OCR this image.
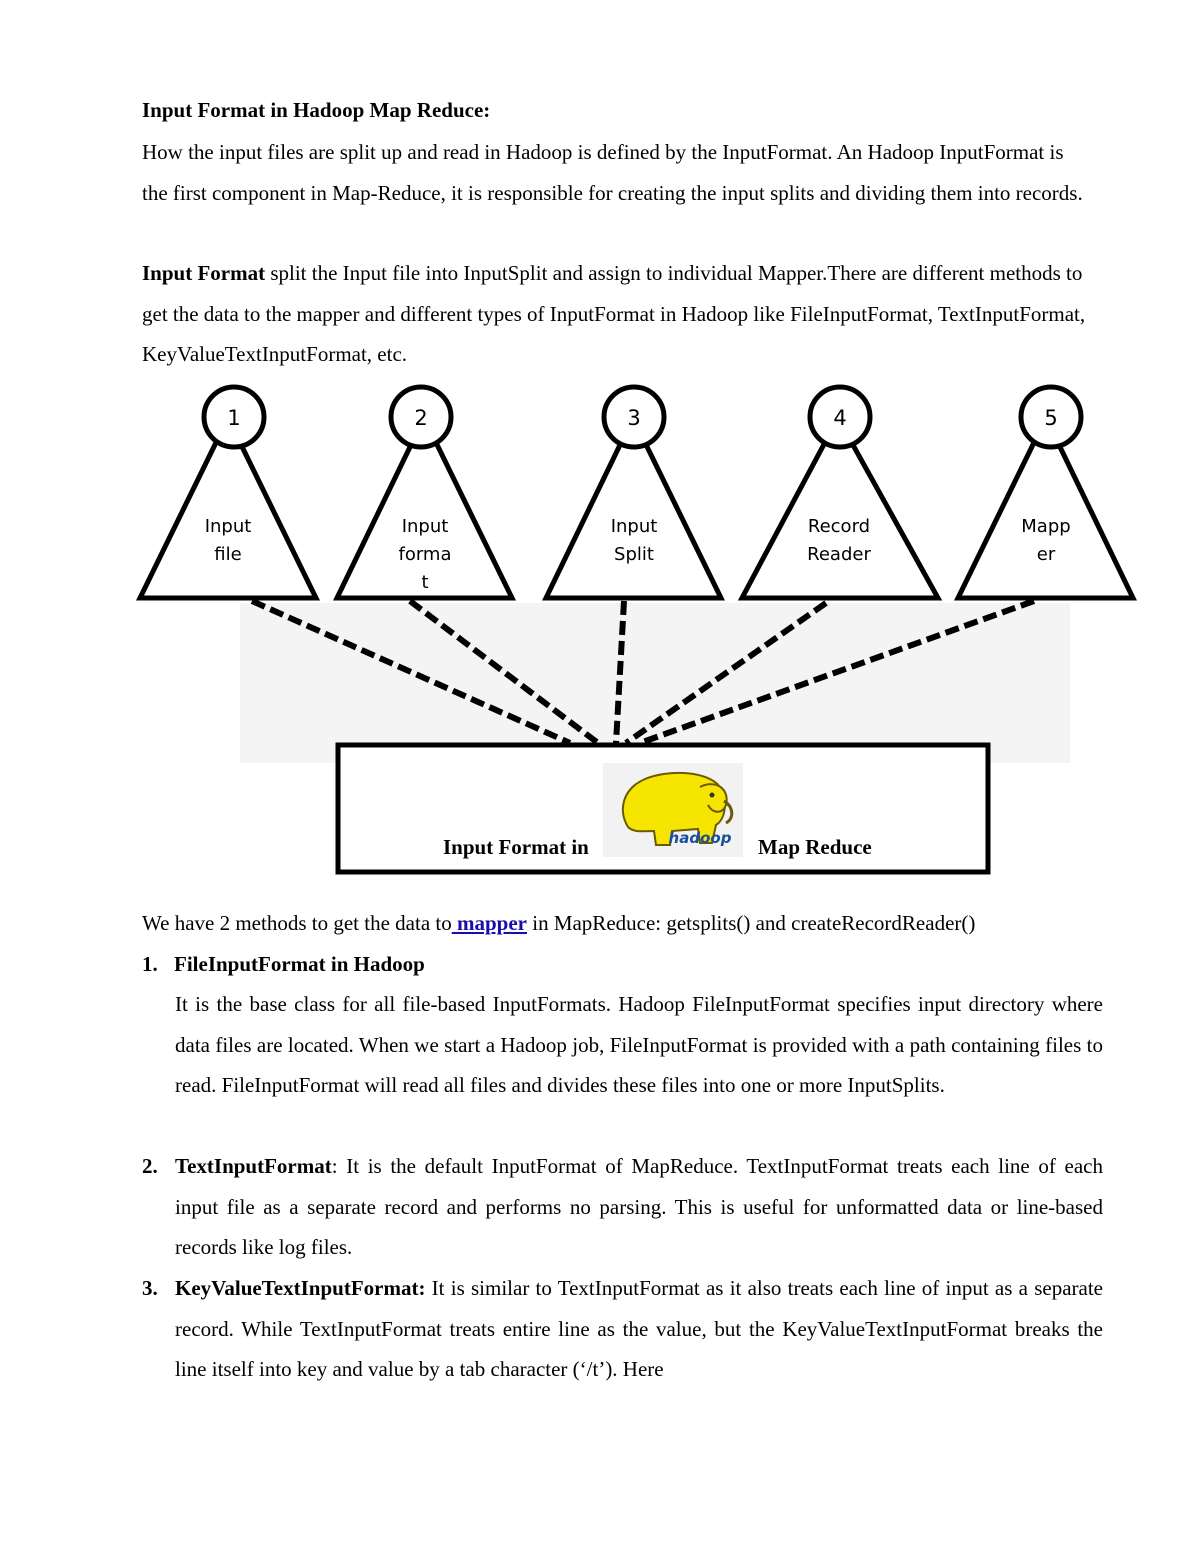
Input Format in Hadoop Map Reduce:
How the input files are split up and read in Hadoop is defined by the InputFormat. An Hadoop InputFormat is the first component in Map-Reduce, it is responsible for creating the input splits and dividing them into records.
Input Format split the Input file into InputSplit and assign to individual Mapper.There are different methods to get the data to the mapper and different types of InputFormat in Hadoop like FileInputFormat, TextInputFormat, KeyValueTextInputFormat, etc.
1
Input
file
2
Input
forma
t
3
Input
Split
4
Record
Reader
5
Mapp
er
hadoop
Input Format in	Map Reduce
We have 2 methods to get the data to mapper in MapReduce: getsplits() and createRecordReader()
1. FileInputFormat in Hadoop
It is the base class for all file-based InputFormats. Hadoop FileInputFormat specifies input directory where data files are located. When we start a Hadoop job, FileInputFormat is provided with a path containing files to read. FileInputFormat will read all files and divides these files into one or more InputSplits.
2. TextInputFormat: It is the default InputFormat of MapReduce. TextInputFormat treats each line of each input file as a separate record and performs no parsing. This is useful for unformatted data or line-based records like log files.
3. KeyValueTextInputFormat: It is similar to TextInputFormat as it also treats each line of input as a separate record. While TextInputFormat treats entire line as the value, but the KeyValueTextInputFormat breaks the line itself into key and value by a tab character (‘/t’). Here
